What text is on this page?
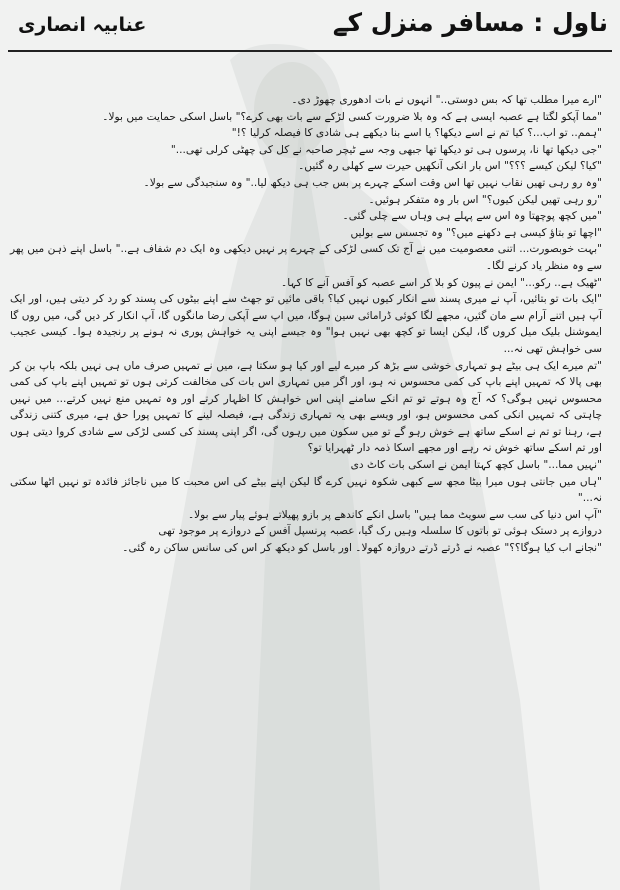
ناول : مسافر منزل کے
عنابیہ انصاری

"ارے میرا مطلب تھا کہ بس دوستی.." انہوں نے بات ادھوری چھوڑ دی۔

"مما آپکو لگتا ہے عصبہ ایسی ہے کہ وہ بلا ضرورت کسی لڑکے سے بات بھی کرے؟" باسل اسکی حمایت میں بولا۔

"ہمم.. تو اب...؟ کیا تم نے اسے دیکھا؟ یا اسے بنا دیکھے ہی شادی کا فیصلہ کرلیا ؟!"

"جی دیکھا تھا نا، پرسوں ہی تو دیکھا تھا جبھی وجہ سے ٹیچر صاحبہ نے کل کی چھٹی کرلی تھی..."

"کیا؟ لیکن کیسے ؟؟؟" اس بار انکی آنکھیں حیرت سے کھلی رہ گئیں۔

"وہ رو رہی تھیں نقاب نہیں تھا اس وقت اسکے چہرے پر بس جب ہی دیکھ لیا.." وہ سنجیدگی سے بولا۔

"رو رہی تھیں لیکن کیوں؟" اس بار وہ متفکر ہوئیں۔

"میں کچھ پوچھتا وہ اس سے پہلے ہی وہاں سے چلی گئی۔

"اچھا تو بتاؤ کیسی ہے دکھنے میں؟" وہ تجسس سے بولیں

"بہت خوبصورت... اتنی معصومیت میں نے آج تک کسی لڑکی کے چہرے پر نہیں دیکھی وہ ایک دم شفاف ہے.." باسل اپنے ذہن میں پھر سے وہ منظر یاد کرنے لگا۔

"ٹھیک ہے.. رکو..." ایمن نے پیون کو بلا کر اسے عصبہ کو آفس آنے کا کہا۔

"ایک بات تو بتائیں، آپ نے میری پسند سے انکار کیوں نہیں کیا؟ باقی مائیں تو جھٹ سے اپنے بیٹوں کی پسند کو رد کر دیتی ہیں، اور ایک آپ ہیں اتنے آرام سے مان گئیں، مجھے لگا کوئی ڈرامائی سین ہوگا، میں اپ سے آپکی رضا مانگوں گا، آپ انکار کر دیں گی، میں روں گا ایموشنل بلیک میل کروں گا، لیکن ایسا تو کچھ بھی نہیں ہوا" وہ جیسے اپنی یہ خواہش پوری نہ ہونے پر رنجیدہ ہوا۔ کیسی عجیب سی خواہش تھی نہ...

"تم میرے ایک ہی بیٹے ہو تمہاری خوشی سے بڑھ کر میرے لیے اور کیا ہو سکتا ہے، میں نے تمہیں صرف ماں ہی نہیں بلکہ باپ بن کر بھی پالا کہ تمہیں اپنے باپ کی کمی محسوس نہ ہو، اور اگر میں تمہاری اس بات کی مخالفت کرتی ہوں تو تمہیں اپنے باپ کی کمی محسوس نہیں ہوگی؟ کہ آج وہ ہوتے تو تم انکے سامنے اپنی اس خواہش کا اظہار کرتے اور وہ تمہیں منع نہیں کرتے... میں نہیں چاہتی کہ تمہیں انکی کمی محسوس ہو، اور ویسے بھی یہ تمہاری زندگی ہے، فیصلہ لینے کا تمہیں پورا حق ہے، میری کتنی زندگی ہے، رہنا تو تم نے اسکے ساتھ ہے خوش رہو گے تو میں سکون میں رہوں گی، اگر اپنی پسند کی کسی لڑکی سے شادی کروا دیتی ہوں اور تم اسکے ساتھ خوش نہ رہے اور مجھے اسکا ذمہ دار ٹھہرایا تو؟

"نہیں مما..." باسل کچھ کہتا ایمن نے اسکی بات کاٹ دی

"ہاں میں جانتی ہوں میرا بیٹا مجھ سے کبھی شکوہ نہیں کرے گا لیکن اپنے بیٹے کی اس محبت کا میں ناجائز فائدہ تو نہیں اٹھا سکتی نہ..."

"آپ اس دنیا کی سب سے سویٹ مما ہیں" باسل انکے کاندھے پر بازو پھیلاتے ہوئے پیار سے بولا۔

دروازے پر دستک ہوئی تو باتوں کا سلسلہ وہیں رک گیا، عصبہ پرنسپل آفس کے دروازے پر موجود تھی

"نجانے اب کیا ہوگا؟؟" عصبہ نے ڈرتے ڈرتے دروازہ کھولا۔ اور باسل کو دیکھ کر اس کی سانس ساکن رہ گئی۔
